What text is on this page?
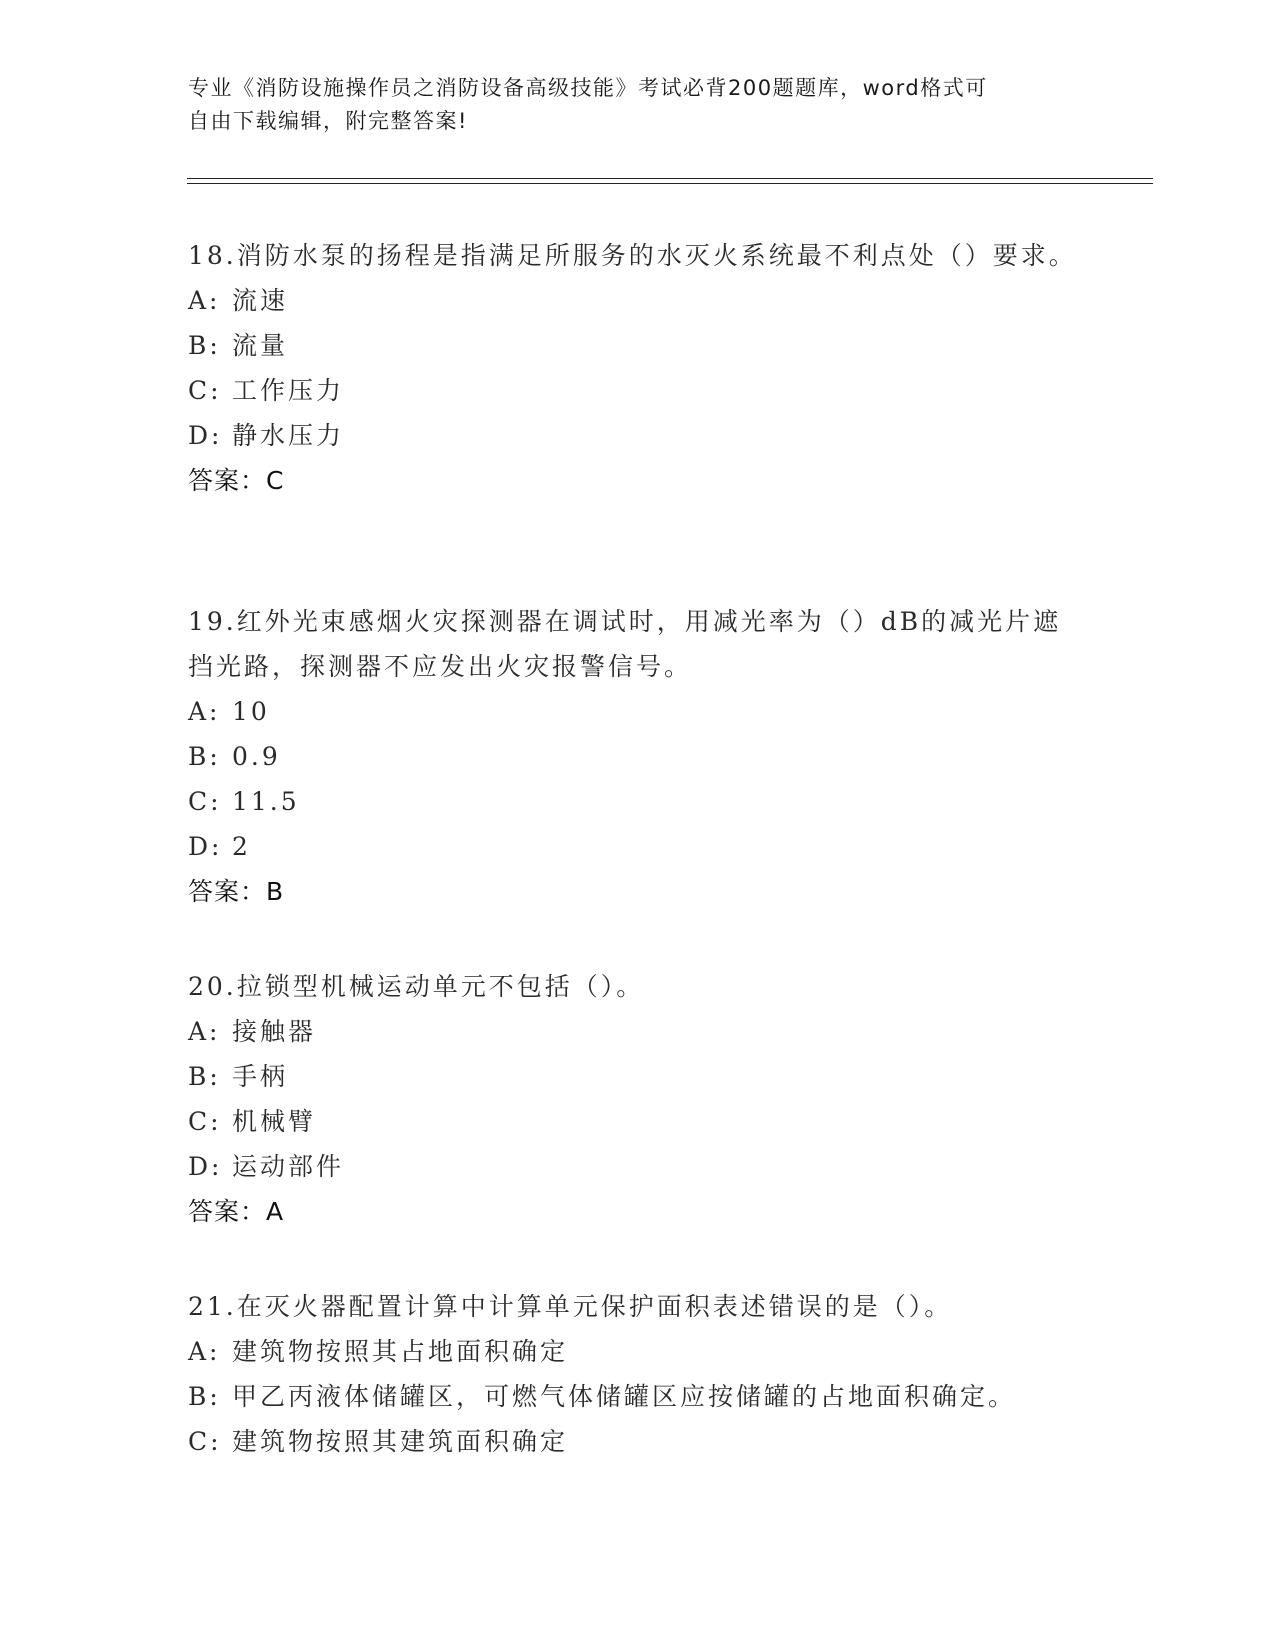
专业《消防设施操作员之消防设备高级技能》考试必背200题题库，word格式可
自由下载编辑，附完整答案!

18.消防水泵的扬程是指满足所服务的水灭火系统最不利点处（）要求。

A: 流速

B: 流量

C: 工作压力

D: 静水压力

答案：C

19.红外光束感烟火灾探测器在调试时，用减光率为（）dB的减光片遮挡光路，探测器不应发出火灾报警信号。

A: 10

B: 0.9

C: 11.5

D: 2

答案：B

20.拉锁型机械运动单元不包括（）。

A: 接触器

B: 手柄

C: 机械臂

D: 运动部件

答案：A

21.在灭火器配置计算中计算单元保护面积表述错误的是（）。

A: 建筑物按照其占地面积确定

B: 甲乙丙液体储罐区，可燃气体储罐区应按储罐的占地面积确定。

C: 建筑物按照其建筑面积确定
